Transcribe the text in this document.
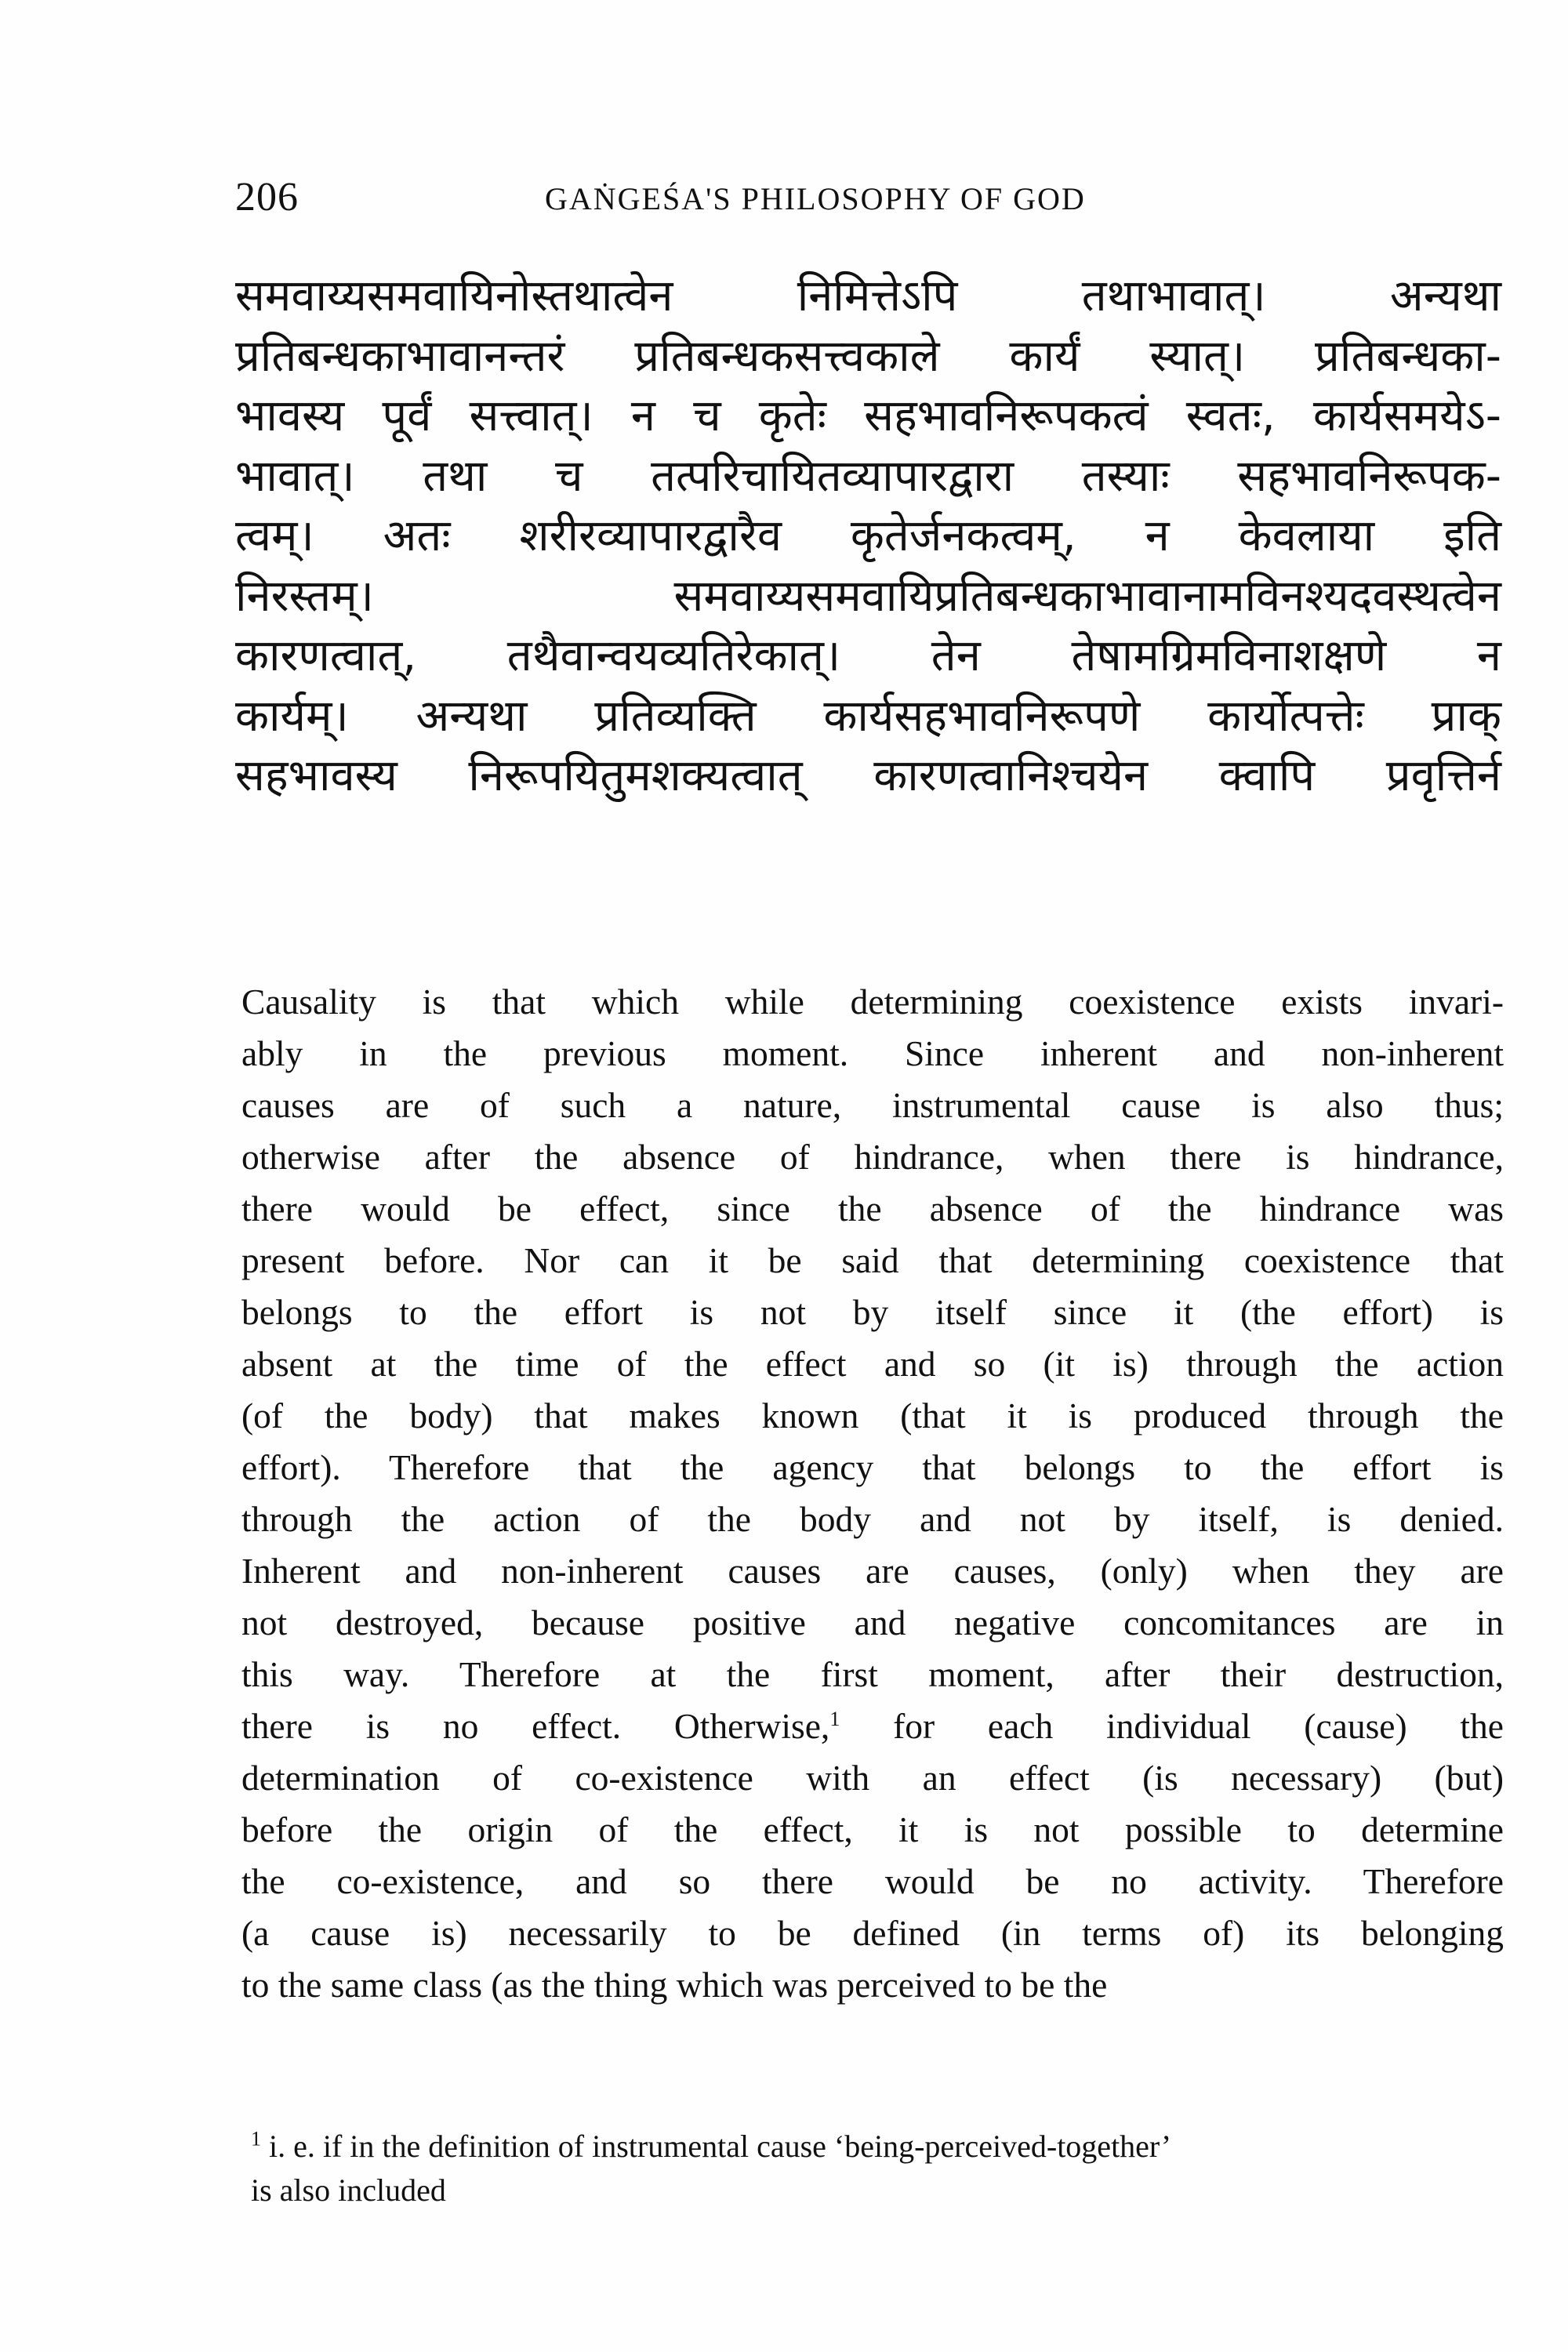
206	GAṄGEŚA'S PHILOSOPHY OF GOD
समवाय्यसमवायिनोस्तथात्वेन निमित्तेऽपि तथाभावात्। अन्यथा
प्रतिबन्धकाभावानन्तरं प्रतिबन्धकसत्त्वकाले कार्यं स्यात्। प्रतिबन्धका-
भावस्य पूर्वं सत्त्वात्। न च कृतेः सहभावनिरूपकत्वं स्वतः, कार्यसमयेऽ-
भावात्। तथा च तत्परिचायितव्यापारद्वारा तस्याः सहभावनिरूपक-
त्वम्। अतः शरीरव्यापारद्वारैव कृतेर्जनकत्वम्, न केवलाया इति
निरस्तम्। समवाय्यसमवायिप्रतिबन्धकाभावानामविनश्यदवस्थत्वेन
कारणत्वात्, तथैवान्वयव्यतिरेकात्। तेन तेषामग्रिमविनाशक्षणे न
कार्यम्। अन्यथा प्रतिव्यक्ति कार्यसहभावनिरूपणे कार्योत्पत्तेः प्राक्
सहभावस्य निरूपयितुमशक्यत्वात् कारणत्वानिश्चयेन क्वापि प्रवृत्तिर्न
Causality is that which while determining coexistence exists invari-
ably in the previous moment. Since inherent and non-inherent
causes are of such a nature, instrumental cause is also thus;
otherwise after the absence of hindrance, when there is hindrance,
there would be effect, since the absence of the hindrance was
present before. Nor can it be said that determining coexistence that
belongs to the effort is not by itself since it (the effort) is
absent at the time of the effect and so (it is) through the action
(of the body) that makes known (that it is produced through the
effort). Therefore that the agency that belongs to the effort is
through the action of the body and not by itself, is denied.
Inherent and non-inherent causes are causes, (only) when they are
not destroyed, because positive and negative concomitances are in
this way. Therefore at the first moment, after their destruction,
there is no effect. Otherwise,$^1$ for each individual (cause) the
determination of co-existence with an effect (is necessary) (but)
before the origin of the effect, it is not possible to determine
the co-existence, and so there would be no activity. Therefore
(a cause is) necessarily to be defined (in terms of) its belonging
to the same class (as the thing which was perceived to be the
$^1$ i. e. if in the definition of instrumental cause ‘being-perceived-together’
is also included
